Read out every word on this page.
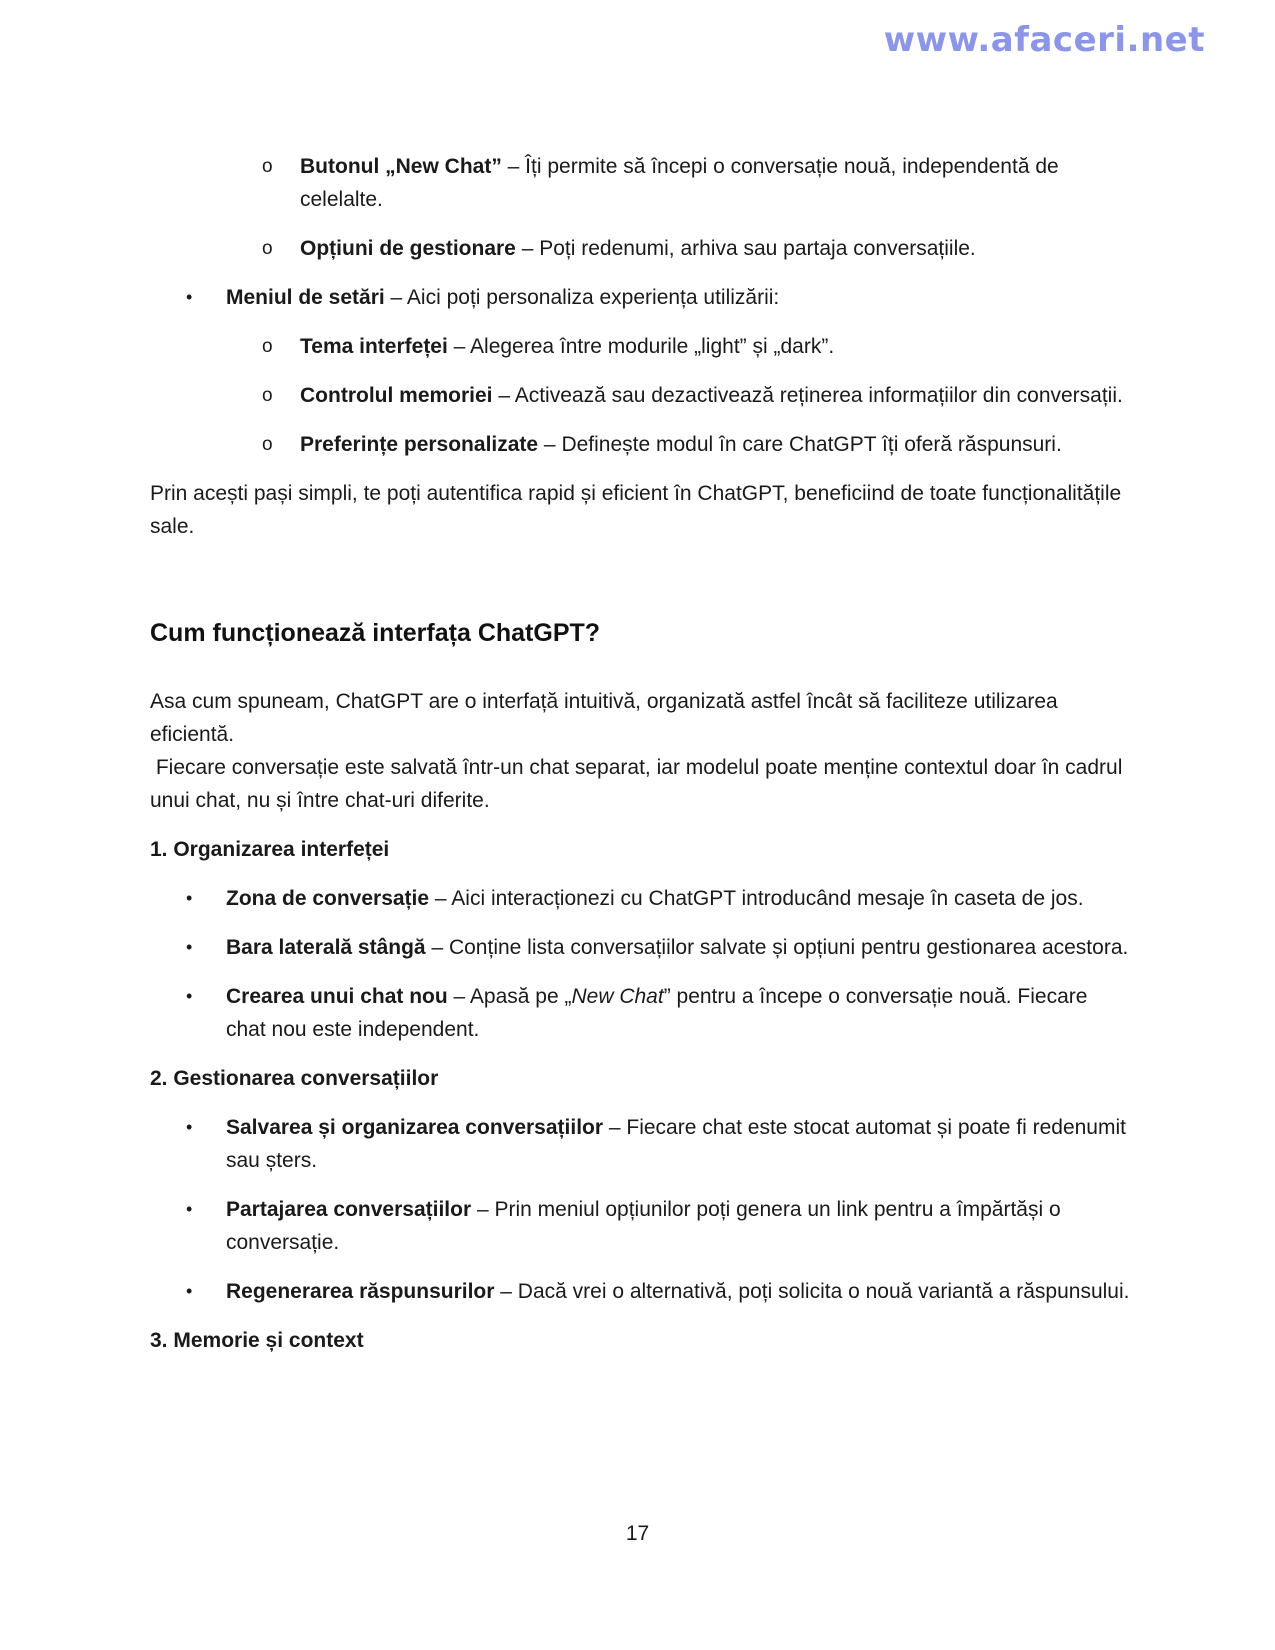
www.afaceri.net
o Butonul „New Chat” – Îți permite să începi o conversație nouă, independentă de celelalte.
o Opțiuni de gestionare – Poți redenumi, arhiva sau partaja conversațiile.
• Meniul de setări – Aici poți personaliza experiența utilizării:
o Tema interfeței – Alegerea între modurile „light” și „dark”.
o Controlul memoriei – Activează sau dezactivează reținerea informațiilor din conversații.
o Preferințe personalizate – Definește modul în care ChatGPT îți oferă răspunsuri.

Prin acești pași simpli, te poți autentifica rapid și eficient în ChatGPT, beneficiind de toate funcționalitățile sale.

Cum funcționează interfața ChatGPT?
Asa cum spuneam, ChatGPT are o interfață intuitivă, organizată astfel încât să faciliteze utilizarea eficientă.
Fiecare conversație este salvată într-un chat separat, iar modelul poate menține contextul doar în cadrul unui chat, nu și între chat-uri diferite.
1. Organizarea interfeței
• Zona de conversație – Aici interacționezi cu ChatGPT introducând mesaje în caseta de jos.
• Bara laterală stângă – Conține lista conversațiilor salvate și opțiuni pentru gestionarea acestora.
• Crearea unui chat nou – Apasă pe „New Chat” pentru a începe o conversație nouă. Fiecare chat nou este independent.
2. Gestionarea conversațiilor
• Salvarea și organizarea conversațiilor – Fiecare chat este stocat automat și poate fi redenumit sau șters.
• Partajarea conversațiilor – Prin meniul opțiunilor poți genera un link pentru a împărtăși o conversație.
• Regenerarea răspunsurilor – Dacă vrei o alternativă, poți solicita o nouă variantă a răspunsului.
3. Memorie și context
17
